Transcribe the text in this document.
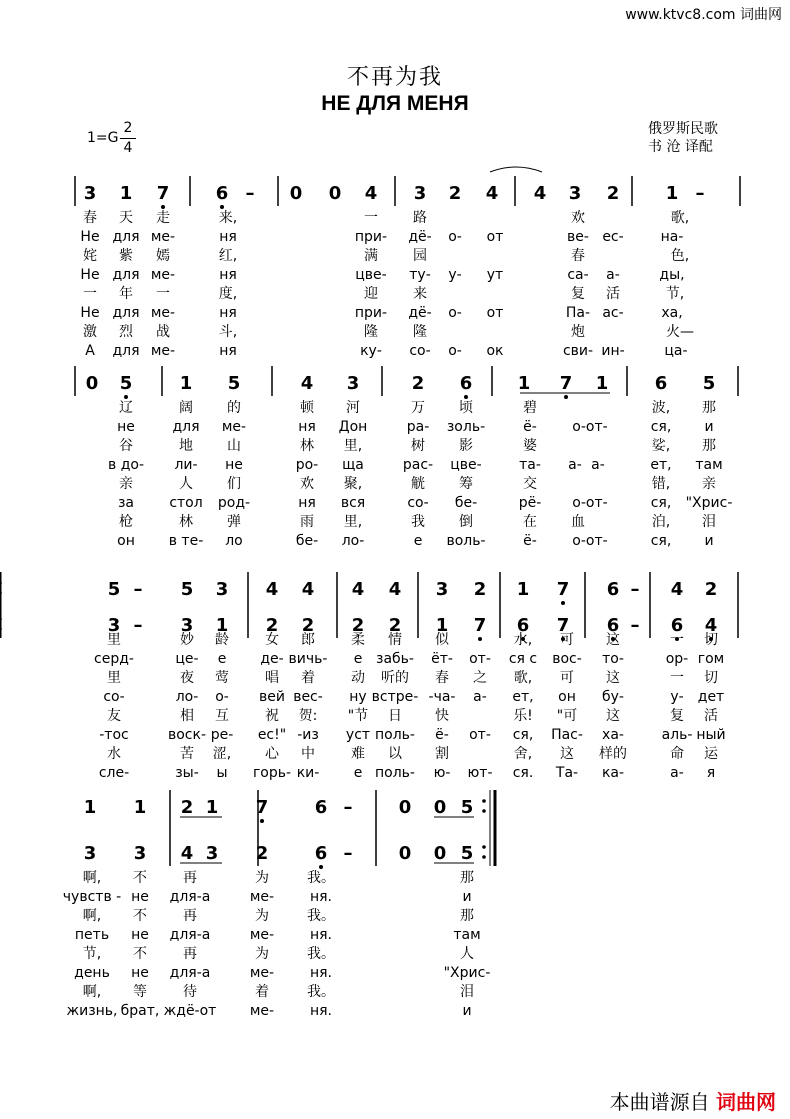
www.ktvc8.com 词曲网
不再为我
НЕ ДЛЯ МЕНЯ
1=G
2
4
俄罗斯民歌
书 沧 译配
3 1 7	6 – 0 0 4 3 2 4 4 3 2	1 –
春 天 走	来,	一	路	欢	歌,
Не для ме-	ня	при- дё- о- от	ве- ес-	на-
姹 紫 嫣	红,	满	园	春	色,
Не для ме-	ня	цве- ту- у- ут	са- а-	ды,
一 年 一	度,	迎	来	复 活	节,
Не для ме-	ня	при- дё- о- от	Па- ас-	ха,
激 烈 战	斗,	隆	隆	炮	火—
А для ме-	ня	ку- со- о- ок	сви- ин-	ца-
0 5	1 5	4 3	2 6	1 7 1	6 5
辽	阔 的	顿 河	万 顷	碧	波, 那
не	для ме-	ня Дон	ра- золь-	ё-	о-от-	ся, и
谷	地 山	林 里,	树 影	婆	娑, 那
в до- ли- не	ро- ща	рас- цве-	та- а- а-	ет, там
亲	人 们	欢 聚,	觥 筹	交	错, 亲
за	стол род-	ня вся	со- бе-	рё- о-от-	ся, "Хрис-
枪	林 弹	雨 里,	我 倒	在 血	泊, 泪
он в те- ло	бе- ло-	е воль-	ё-	о-от-	ся, и
5 – 5 3 4 4 4 4 3 2 1 7 6 – 4 2
3 – 3 1 2 2 2 2 1 7 6 7 6 – 6 4
里	妙 龄	女 郎	柔 情 似	水, 可 这	一 切
серд-	це- е де- вичь- е забь- ёт- от- ся с вос- то-	ор- гом
里	夜 莺	唱 着	动 听的 春 之 歌, 可 这	一 切
со-	ло- о- вей вес- ну встре- -ча- а- ет, он бу-	у- дет
友	相 互	祝 贺: "节 日 快	乐! "可 这	复 活
-тос	воск- ре- ес!" -из уст поль- ё- от- ся, Пас- ха-	аль- ный
水	苦 涩, 心 中	难 以 割	舍, 这 样的	命 运
сле-	зы- ы горь- ки- е поль- ю- ют- ся. Та- ка-	а- я
1 1 2 1 7	6 –	0 0 5
3 3 4 3 2	6 –	0 0 5
啊, 不	再	为	我。	那
чувств - не для-а	ме-	ня.	и
啊, 不	再	为	我。	那
петь не для-а	ме-	ня.	там
节, 不	再	为	我。	人
день не для-а	ме-	ня.	"Хрис-
啊, 等	待	着	我。	泪
жизнь, брат, ждё-от ме-	ня.	и
本曲谱源自 词曲网
